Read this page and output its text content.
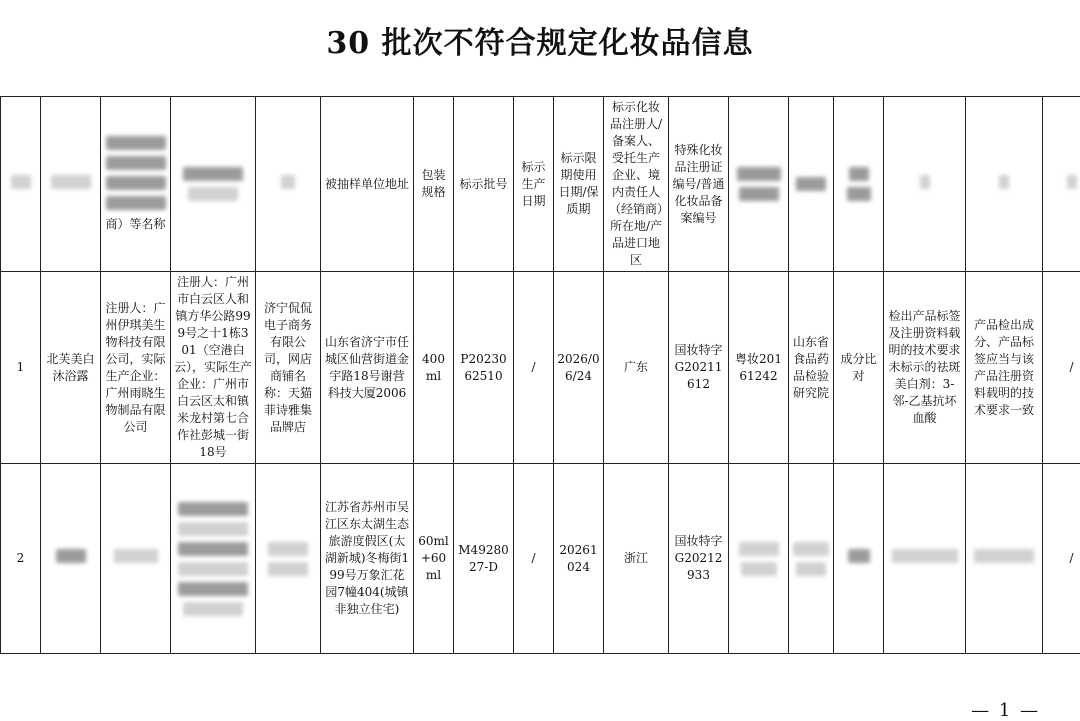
30 批次不符合规定化妆品信息

		商）等名称			被抽样单位地址	包装规格	标示批号	标示生产日期	标示限期使用日期/保质期	标示化妆品注册人/备案人、受托生产企业、境内责任人（经销商）所在地/产品进口地区	特殊化妆品注册证编号/普通化妆品备案编号	

1	北芙美白沐浴露	注册人：广州伊琪美生物科技有限公司，实际生产企业：广州雨晓生物制品有限公司	注册人：广州市白云区人和镇方华公路999号之十1栋301（空港白云），实际生产企业：广州市白云区太和镇米龙村第七合作社彭城一街18号	济宁侃侃电子商务有限公司，网店商铺名称：天猫菲诗雅集品牌店	山东省济宁市任城区仙营街道金宇路18号谢营科技大厦2006	400ml	P2023062510	/	2026/06/24	广东	国妆特字G20211612	粤妆20161242	山东省食品药品检验研究院	成分比对	检出产品标签及注册资料载明的技术要求未标示的祛斑美白剂：3-邻-乙基抗坏血酸	产品检出成分、产品标签应当与该产品注册资料载明的技术要求一致	/
2					江苏省苏州市吴江区东太湖生态旅游度假区(太湖新城)冬梅街199号万象汇花园7幢404(城镇非独立住宅)	60ml+60ml	M4928027-D	/	20261024	浙江	国妆特字G20212933						/
— 1 —
